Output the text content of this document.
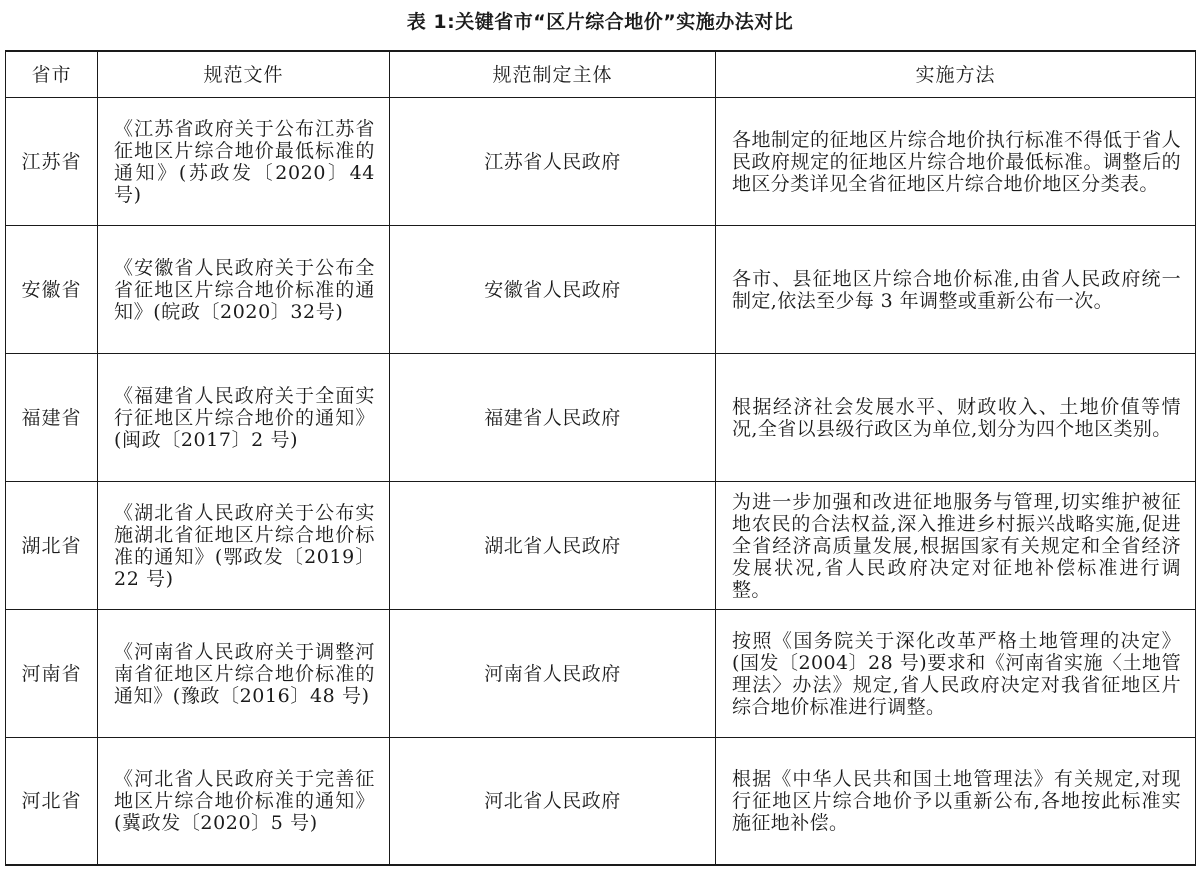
表 1:关键省市“区片综合地价”实施办法对比
省市	规范文件	规范制定主体	实施方法
江苏省	《江苏省政府关于公布江苏省征地区片综合地价最低标准的通知》(苏政发〔2020〕44 号)	江苏省人民政府	各地制定的征地区片综合地价执行标准不得低于省人民政府规定的征地区片综合地价最低标准。调整后的地区分类详见全省征地区片综合地价地区分类表。
安徽省	《安徽省人民政府关于公布全省征地区片综合地价标准的通知》(皖政〔2020〕32号)	安徽省人民政府	各市、县征地区片综合地价标准,由省人民政府统一制定,依法至少每 3 年调整或重新公布一次。
福建省	《福建省人民政府关于全面实行征地区片综合地价的通知》(闽政〔2017〕2 号)	福建省人民政府	根据经济社会发展水平、财政收入、土地价值等情况,全省以县级行政区为单位,划分为四个地区类别。
湖北省	《湖北省人民政府关于公布实施湖北省征地区片综合地价标准的通知》(鄂政发〔2019〕22 号)	湖北省人民政府	为进一步加强和改进征地服务与管理,切实维护被征地农民的合法权益,深入推进乡村振兴战略实施,促进全省经济高质量发展,根据国家有关规定和全省经济发展状况,省人民政府决定对征地补偿标准进行调整。
河南省	《河南省人民政府关于调整河南省征地区片综合地价标准的通知》(豫政〔2016〕48 号)	河南省人民政府	按照《国务院关于深化改革严格土地管理的决定》(国发〔2004〕28 号)要求和《河南省实施〈土地管理法〉办法》规定,省人民政府决定对我省征地区片综合地价标准进行调整。
河北省	《河北省人民政府关于完善征地区片综合地价标准的通知》(冀政发〔2020〕5 号)	河北省人民政府	根据《中华人民共和国土地管理法》有关规定,对现行征地区片综合地价予以重新公布,各地按此标准实施征地补偿。
